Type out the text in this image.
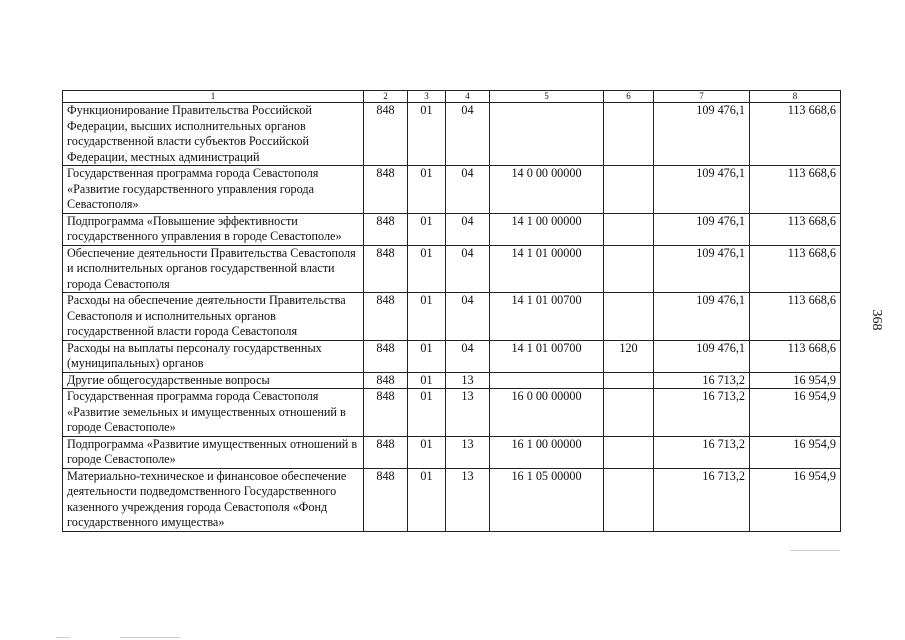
1	2	3	4	5	6	7	8
Функционирование Правительства Российской Федерации, высших исполнительных органов государственной власти субъектов Российской Федерации, местных администраций	848	01	04			109 476,1	113 668,6
Государственная программа города Севастополя «Развитие государственного управления города Севастополя»	848	01	04	14 0 00 00000		109 476,1	113 668,6
Подпрограмма «Повышение эффективности государственного управления в городе Севастополе»	848	01	04	14 1 00 00000		109 476,1	113 668,6
Обеспечение деятельности Правительства Севастополя и исполнительных органов государственной власти города Севастополя	848	01	04	14 1 01 00000		109 476,1	113 668,6
Расходы на обеспечение деятельности Правительства Севастополя и исполнительных органов государственной власти города Севастополя	848	01	04	14 1 01 00700		109 476,1	113 668,6
Расходы на выплаты персоналу государственных (муниципальных) органов	848	01	04	14 1 01 00700	120	109 476,1	113 668,6
Другие общегосударственные вопросы	848	01	13			16 713,2	16 954,9
Государственная программа города Севастополя «Развитие земельных и имущественных отношений в городе Севастополе»	848	01	13	16 0 00 00000		16 713,2	16 954,9
Подпрограмма «Развитие имущественных отношений в городе Севастополе»	848	01	13	16 1 00 00000		16 713,2	16 954,9
Материально-техническое и финансовое обеспечение деятельности подведомственного Государственного казенного учреждения города Севастополя «Фонд государственного имущества»	848	01	13	16 1 05 00000		16 713,2	16 954,9
368
